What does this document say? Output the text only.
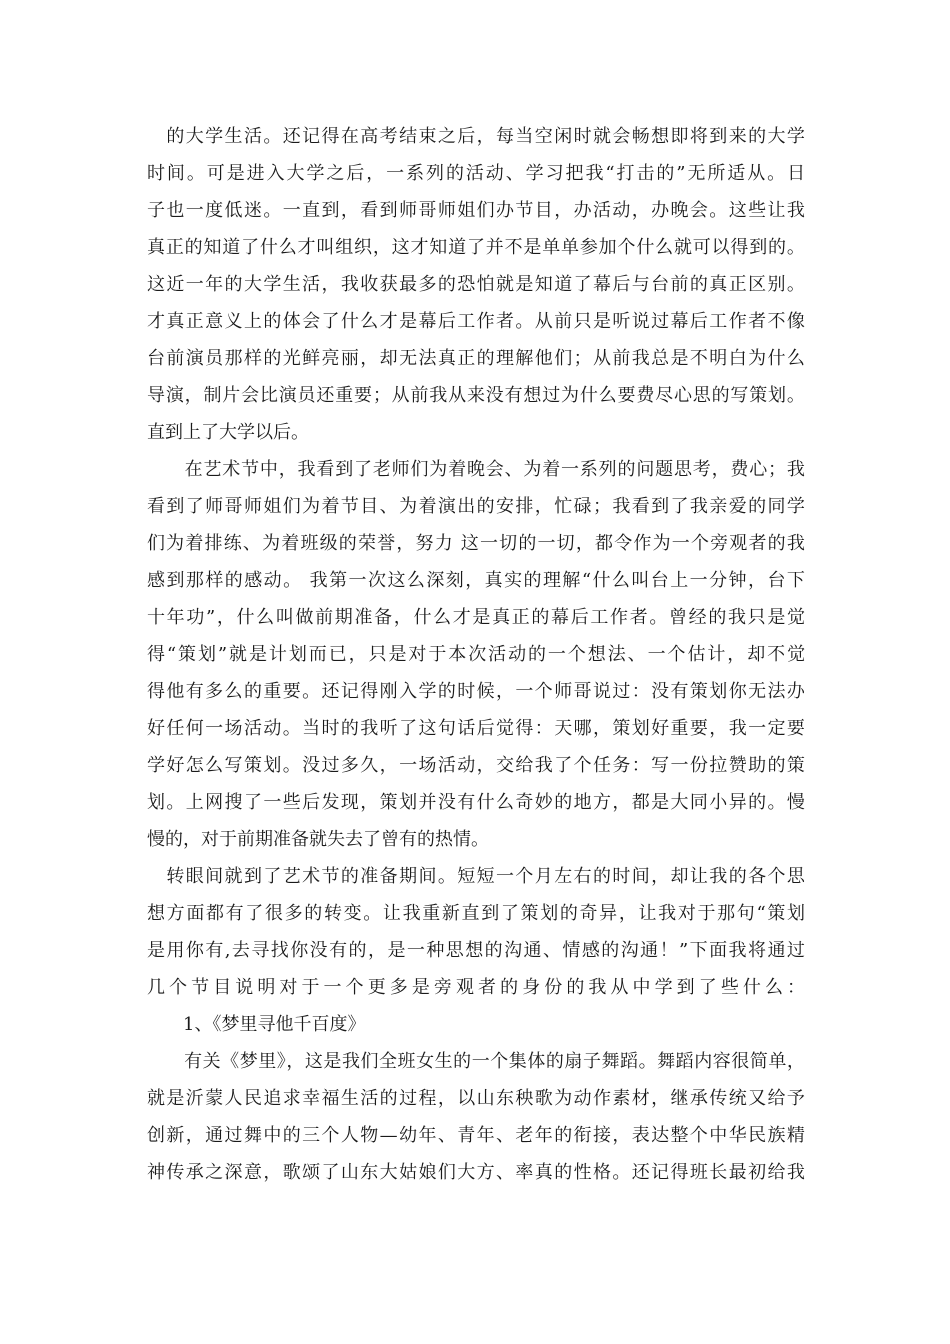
　的大学生活。还记得在高考结束之后，每当空闲时就会畅想即将到来的大学

时间。可是进入大学之后，一系列的活动、学习把我“打击的”无所适从。日

子也一度低迷。一直到，看到师哥师姐们办节目，办活动，办晚会。这些让我

真正的知道了什么才叫组织，这才知道了并不是单单参加个什么就可以得到的。

这近一年的大学生活，我收获最多的恐怕就是知道了幕后与台前的真正区别。

才真正意义上的体会了什么才是幕后工作者。从前只是听说过幕后工作者不像

台前演员那样的光鲜亮丽，却无法真正的理解他们；从前我总是不明白为什么

导演，制片会比演员还重要；从前我从来没有想过为什么要费尽心思的写策划。

直到上了大学以后。

　　在艺术节中，我看到了老师们为着晚会、为着一系列的问题思考，费心；我

看到了师哥师姐们为着节目、为着演出的安排，忙碌；我看到了我亲爱的同学

们为着排练、为着班级的荣誉，努力 这一切的一切，都令作为一个旁观者的我

感到那样的感动。 我第一次这么深刻，真实的理解“什么叫台上一分钟，台下

十年功”，什么叫做前期准备，什么才是真正的幕后工作者。曾经的我只是觉

得“策划”就是计划而已，只是对于本次活动的一个想法、一个估计，却不觉

得他有多么的重要。还记得刚入学的时候，一个师哥说过：没有策划你无法办

好任何一场活动。当时的我听了这句话后觉得：天哪，策划好重要，我一定要

学好怎么写策划。没过多久，一场活动，交给我了个任务：写一份拉赞助的策

划。上网搜了一些后发现，策划并没有什么奇妙的地方，都是大同小异的。慢

慢的，对于前期准备就失去了曾有的热情。

　转眼间就到了艺术节的准备期间。短短一个月左右的时间，却让我的各个思

想方面都有了很多的转变。让我重新直到了策划的奇异，让我对于那句“策划

是用你有,去寻找你没有的，是一种思想的沟通、情感的沟通！”下面我将通过

几个节目说明对于一个更多是旁观者的身份的我从中学到了些什么：

　　1、《梦里寻他千百度》

　　有关《梦里》，这是我们全班女生的一个集体的扇子舞蹈。舞蹈内容很简单，

就是沂蒙人民追求幸福生活的过程，以山东秧歌为动作素材，继承传统又给予

创新，通过舞中的三个人物—幼年、青年、老年的衔接，表达整个中华民族精

神传承之深意，歌颂了山东大姑娘们大方、率真的性格。还记得班长最初给我
